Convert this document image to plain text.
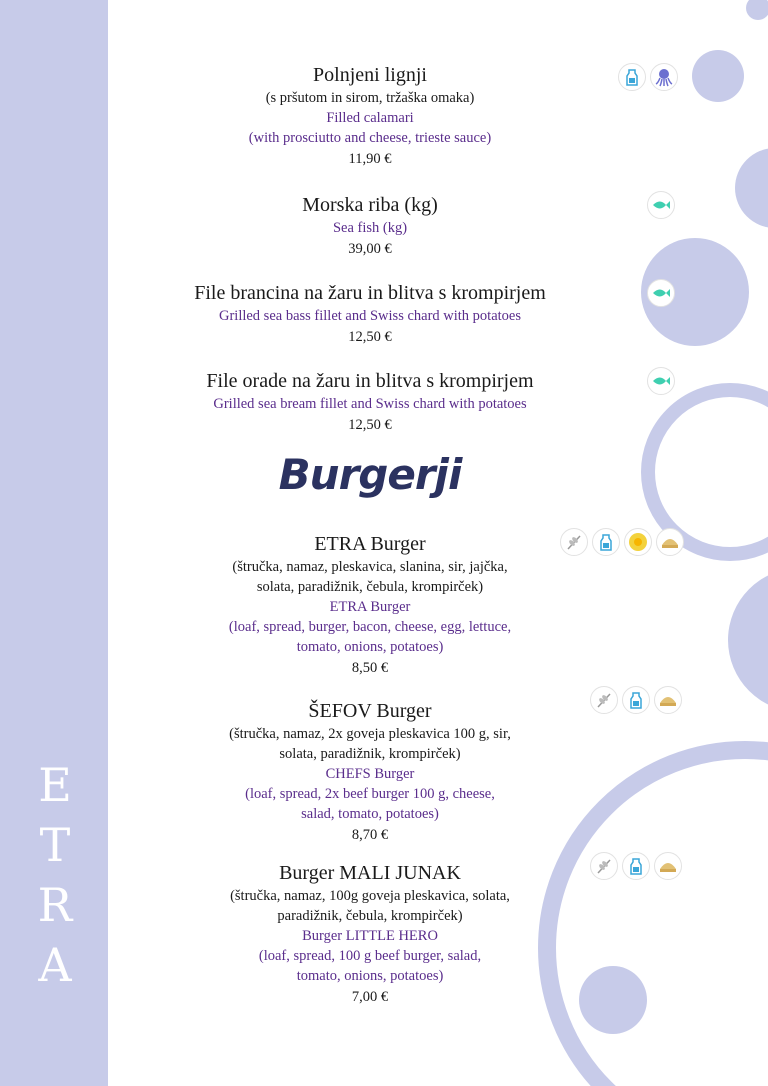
E
T
R
A
Polnjeni lignji
(s pršutom in sirom, tržaška omaka)
Filled calamari
(with prosciutto and cheese, trieste sauce)
11,90 €
Morska riba (kg)
Sea fish (kg)
39,00 €
File brancina na žaru in blitva s krompirjem
Grilled sea bass fillet and Swiss chard with potatoes
12,50 €
File orade na žaru in blitva s krompirjem
Grilled sea bream fillet and Swiss chard with potatoes
12,50 €
Burgerji
ETRA Burger
(štručka, namaz, pleskavica, slanina, sir, jajčka,
solata, paradižnik, čebula, krompirček)
ETRA Burger
(loaf, spread, burger, bacon, cheese, egg, lettuce,
tomato, onions, potatoes)
8,50 €
ŠEFOV Burger
(štručka, namaz, 2x goveja pleskavica 100 g, sir,
solata, paradižnik, krompirček)
CHEFS Burger
(loaf, spread, 2x beef burger 100 g, cheese,
salad, tomato, potatoes)
8,70 €
Burger MALI JUNAK
(štručka, namaz, 100g goveja pleskavica, solata,
paradižnik, čebula, krompirček)
Burger LITTLE HERO
(loaf, spread, 100 g beef burger, salad,
tomato, onions, potatoes)
7,00 €
